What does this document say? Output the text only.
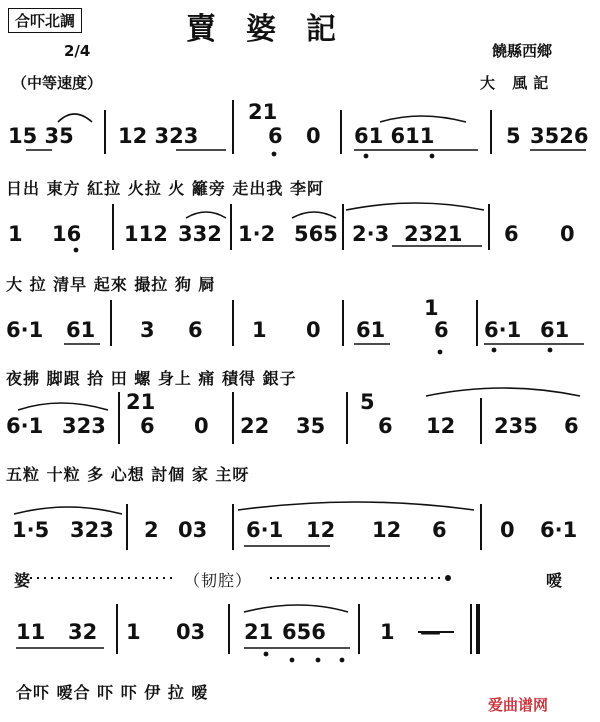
合吓北調	賣婆記
2/4
（中等速度）
饒縣西鄉
大 風記
15 35 12 323
21
6 0 61 611	5 3526
日出 東方 紅拉 火拉 火 籬旁 走出我 李阿
1 16 112 332 1·2 565 2·3 2321 6 0
大 拉 清早 起來 撮拉 狗 屙
6·1 61 3 6 1 0 61
1
6 6·1 61
夜拂 脚跟 拾 田 螺 身上 痛 積得 銀子
6·1 323
21
6 0 22 35
5
6 12 235 6
五粒 十粒 多 心想 討個 家 主呀
1·5 323 2 03 6·1 12 12 6	0 6·1
婆	（韧腔）	嗳
11 32 1 03 21 656	1 —
合吓 嗳合 吓 吓 伊 拉 嗳
爱曲谱网
